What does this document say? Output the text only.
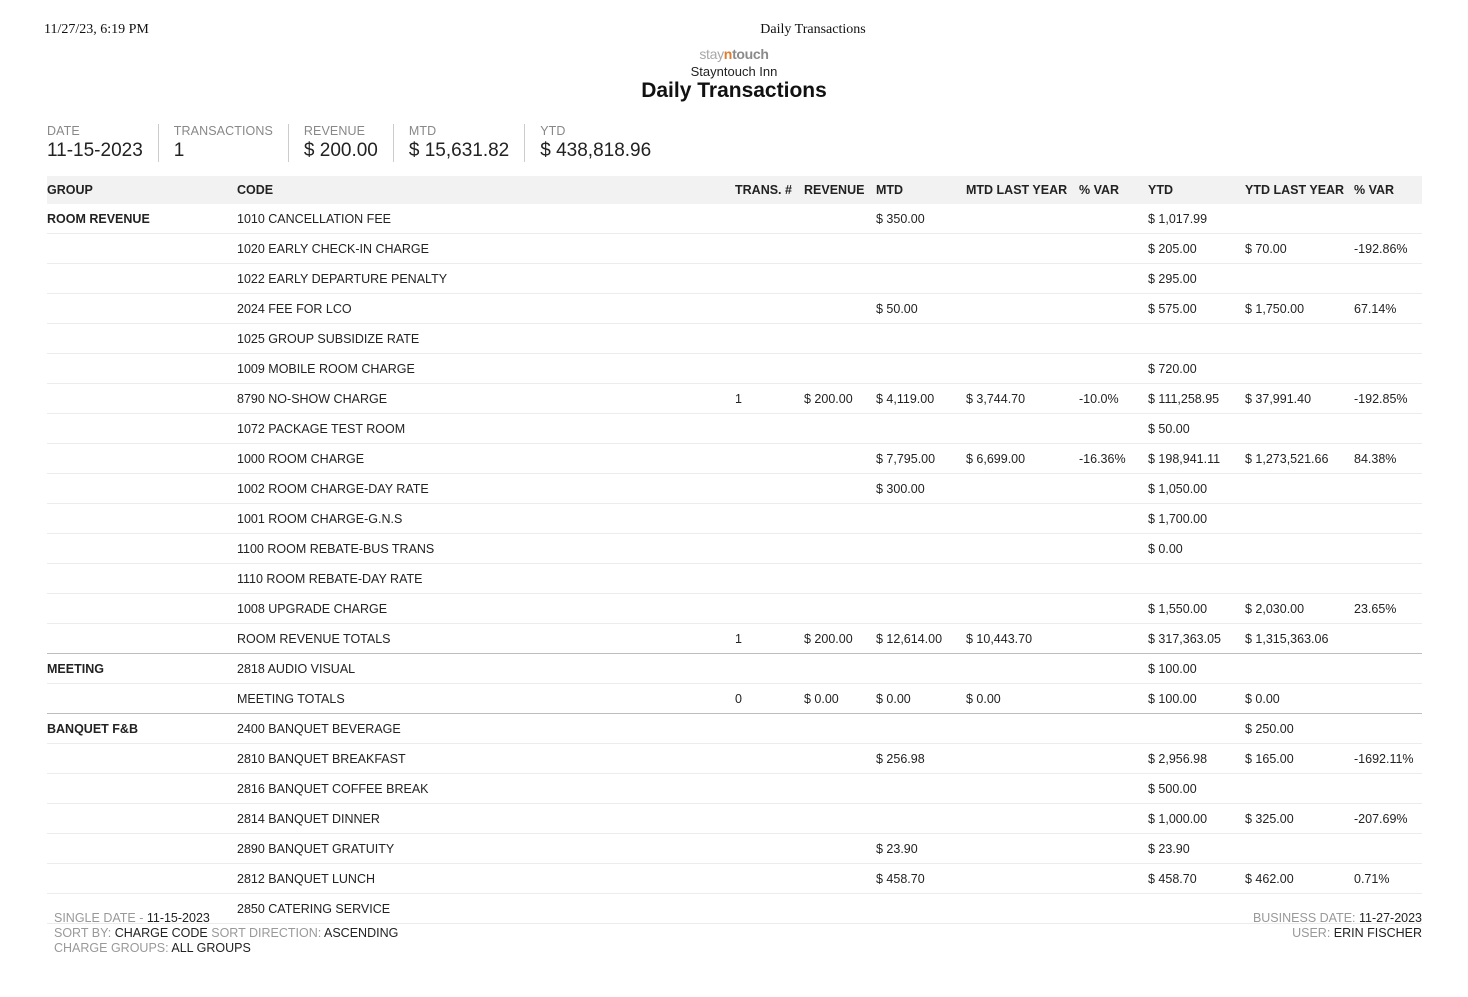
11/27/23, 6:19 PM	Daily Transactions
stayntouch
Stayntouch Inn
Daily Transactions
DATE
11-15-2023
TRANSACTIONS
1
REVENUE
$ 200.00
MTD
$ 15,631.82
YTD
$ 438,818.96
GROUP	CODE	TRANS. #	REVENUE	MTD	MTD LAST YEAR	% VAR	YTD	YTD LAST YEAR	% VAR
ROOM REVENUE	1010 CANCELLATION FEE			$ 350.00			$ 1,017.99		
	1020 EARLY CHECK-IN CHARGE						$ 205.00	$ 70.00	-192.86%
	1022 EARLY DEPARTURE PENALTY						$ 295.00		
	2024 FEE FOR LCO			$ 50.00			$ 575.00	$ 1,750.00	67.14%
	1025 GROUP SUBSIDIZE RATE								
	1009 MOBILE ROOM CHARGE						$ 720.00		
	8790 NO-SHOW CHARGE	1	$ 200.00	$ 4,119.00	$ 3,744.70	-10.0%	$ 111,258.95	$ 37,991.40	-192.85%
	1072 PACKAGE TEST ROOM						$ 50.00		
	1000 ROOM CHARGE			$ 7,795.00	$ 6,699.00	-16.36%	$ 198,941.11	$ 1,273,521.66	84.38%
	1002 ROOM CHARGE-DAY RATE			$ 300.00			$ 1,050.00		
	1001 ROOM CHARGE-G.N.S						$ 1,700.00		
	1100 ROOM REBATE-BUS TRANS						$ 0.00		
	1110 ROOM REBATE-DAY RATE								
	1008 UPGRADE CHARGE						$ 1,550.00	$ 2,030.00	23.65%
	ROOM REVENUE TOTALS	1	$ 200.00	$ 12,614.00	$ 10,443.70		$ 317,363.05	$ 1,315,363.06	
MEETING	2818 AUDIO VISUAL						$ 100.00		
	MEETING TOTALS	0	$ 0.00	$ 0.00	$ 0.00		$ 100.00	$ 0.00	
BANQUET F&B	2400 BANQUET BEVERAGE							$ 250.00	
	2810 BANQUET BREAKFAST			$ 256.98			$ 2,956.98	$ 165.00	-1692.11%
	2816 BANQUET COFFEE BREAK						$ 500.00		
	2814 BANQUET DINNER						$ 1,000.00	$ 325.00	-207.69%
	2890 BANQUET GRATUITY			$ 23.90			$ 23.90		
	2812 BANQUET LUNCH			$ 458.70			$ 458.70	$ 462.00	0.71%
	2850 CATERING SERVICE								
SINGLE DATE - 11-15-2023
SORT BY: CHARGE CODE SORT DIRECTION: ASCENDING
CHARGE GROUPS: ALL GROUPS
BUSINESS DATE: 11-27-2023
USER: ERIN FISCHER
